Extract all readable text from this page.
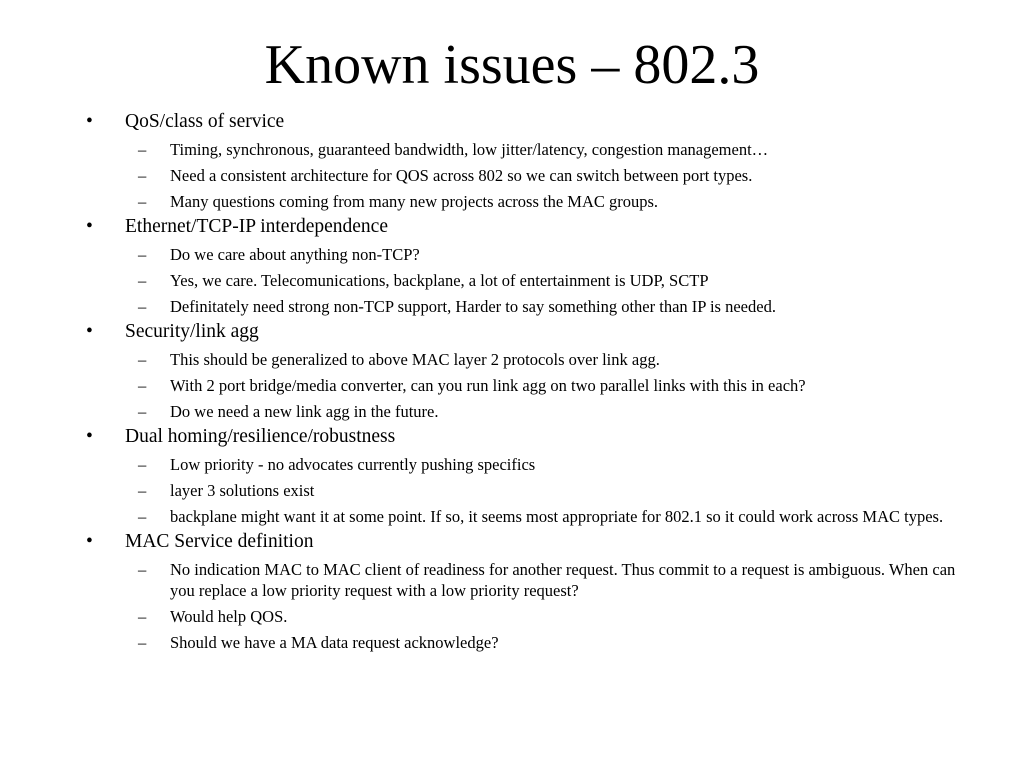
Known issues – 802.3
•	QoS/class of service
– Timing, synchronous, guaranteed bandwidth, low jitter/latency, congestion management…
– Need a consistent architecture for QOS across 802 so we can switch between port types.
– Many questions coming from many new projects across the MAC groups.
•	Ethernet/TCP-IP interdependence
– Do we care about anything non-TCP?
– Yes, we care. Telecomunications, backplane, a lot of entertainment is UDP, SCTP
– Definitately need strong non-TCP support, Harder to say something other than IP is needed.
•	Security/link agg
– This should be generalized to above MAC layer 2 protocols over link agg.
– With 2 port bridge/media converter, can you run link agg on two parallel links with this in each?
– Do we need a new link agg in the future.
•	Dual homing/resilience/robustness
– Low priority - no advocates currently pushing specifics
– layer 3 solutions exist
– backplane might want it at some point. If so, it seems most appropriate for 802.1 so it could work across MAC types.
•	MAC Service definition
– No indication MAC to MAC client of readiness for another request. Thus commit to a request is ambiguous. When can you replace a low priority request with a low priority request?
– Would help QOS.
– Should we have a MA data request acknowledge?
